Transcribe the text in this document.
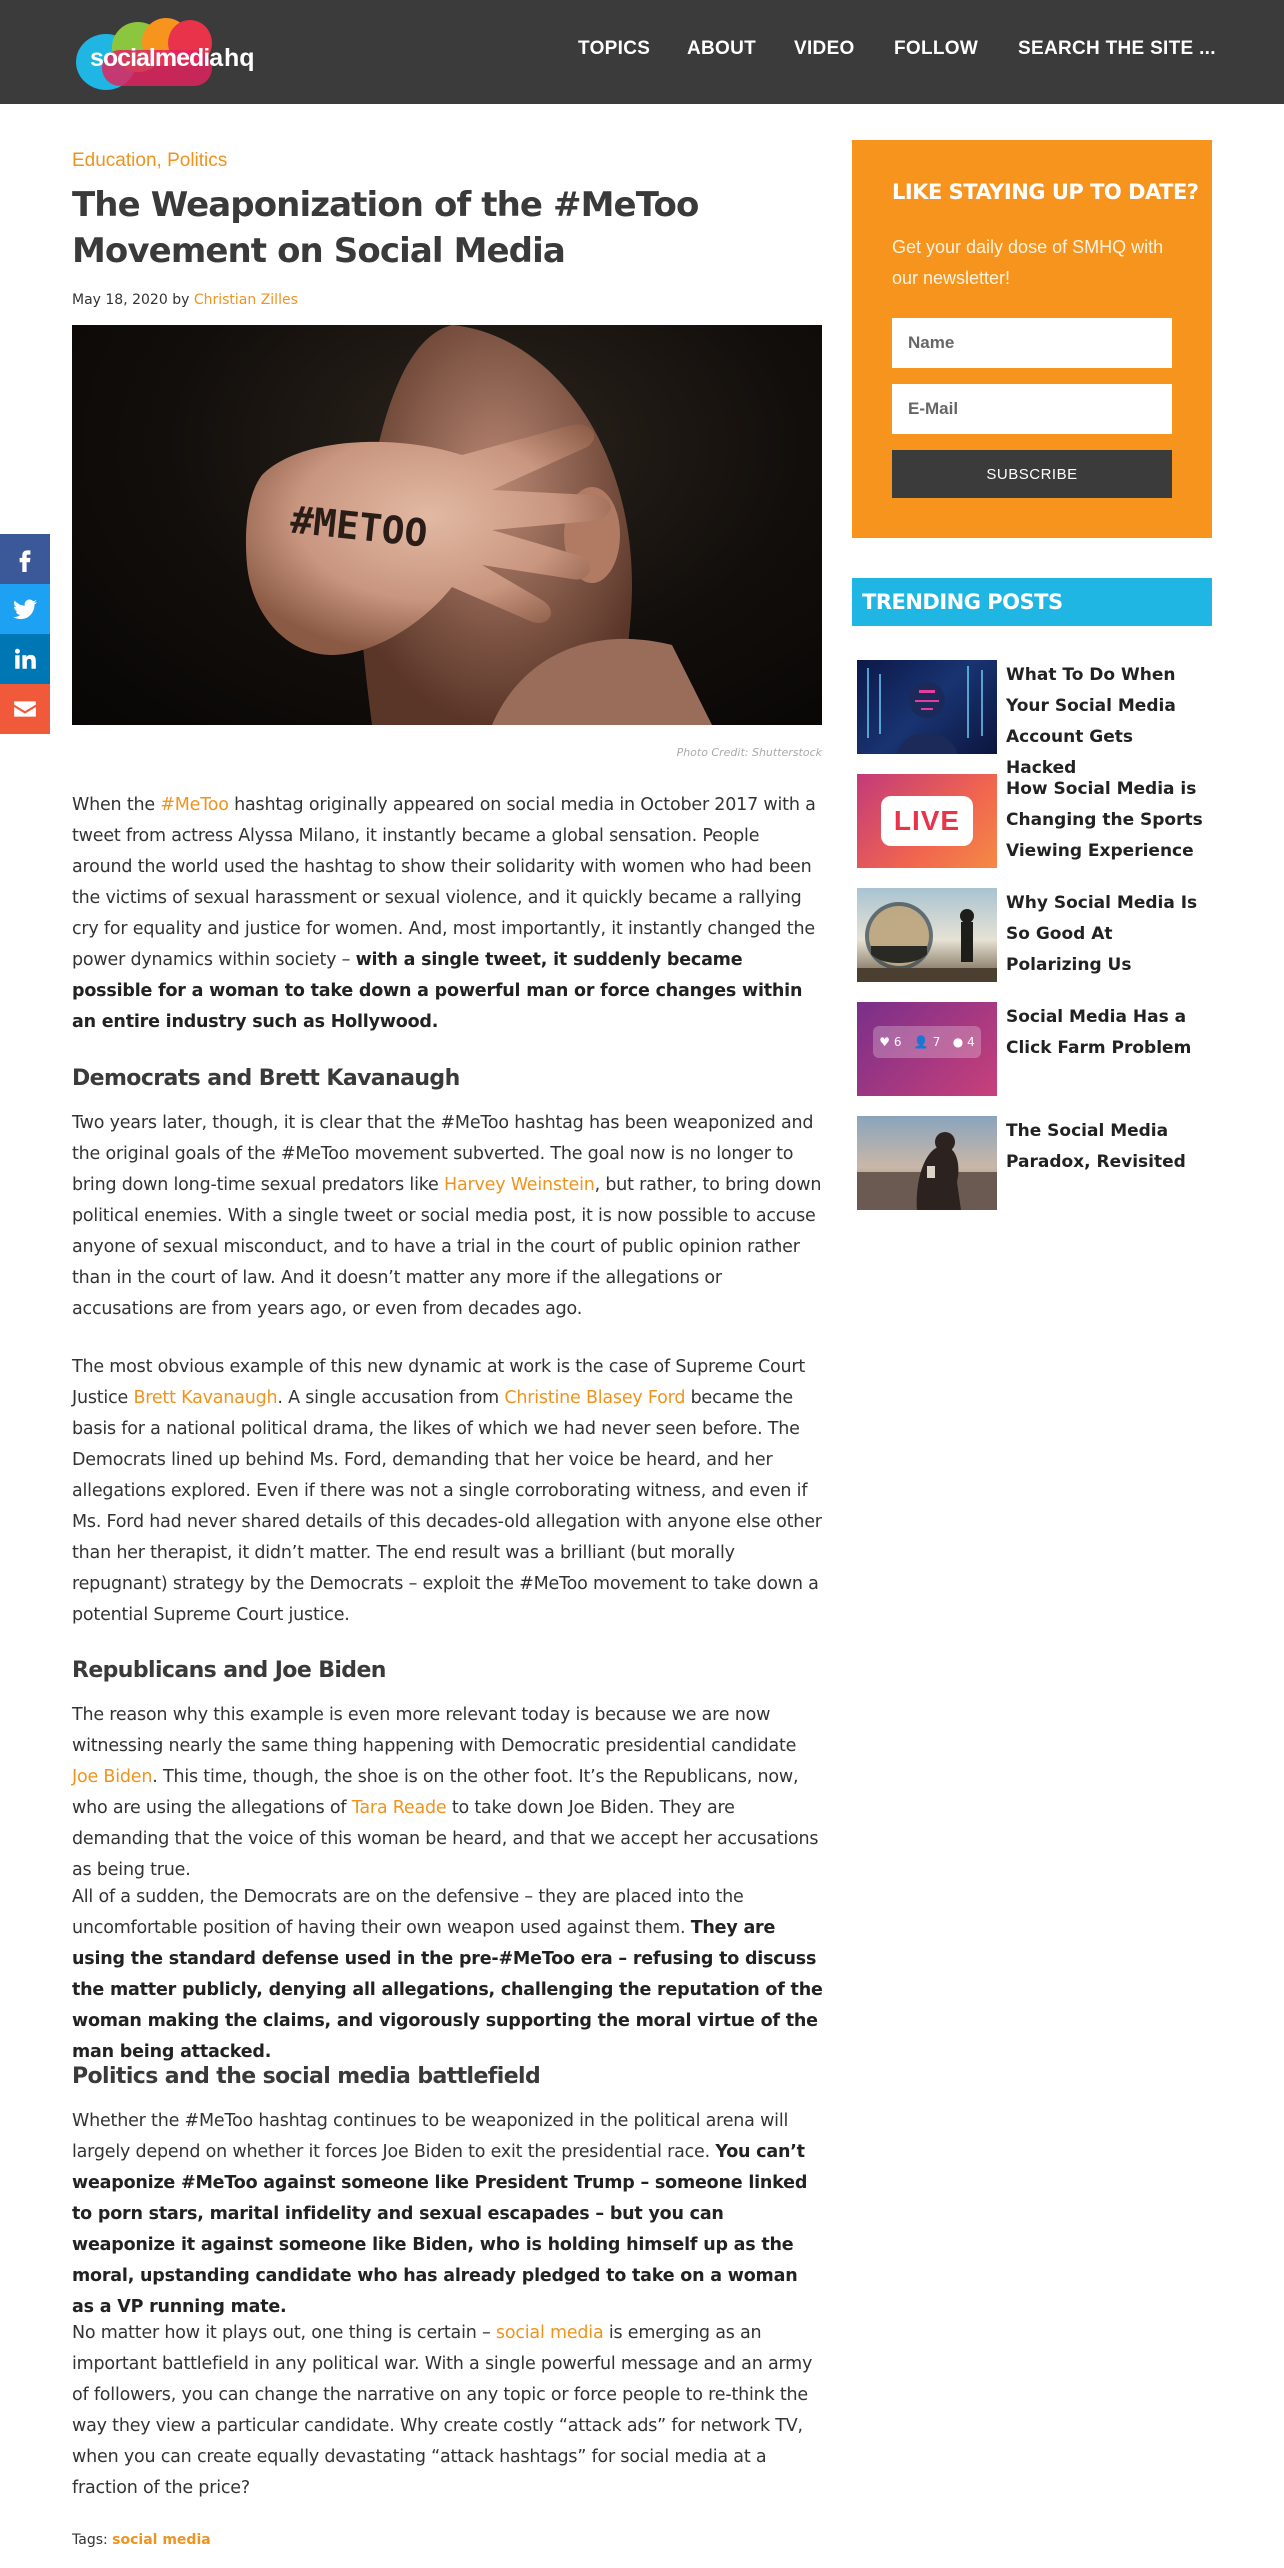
socialmedia hq	TOPICS ABOUT VIDEO FOLLOW SEARCH THE SITE ...
Education, Politics
The Weaponization of the #MeToo Movement on Social Media
May 18, 2020 by Christian Zilles
#METOO
Photo Credit: Shutterstock

When the #MeToo hashtag originally appeared on social media in October 2017 with a tweet from actress Alyssa Milano, it instantly became a global sensation. People around the world used the hashtag to show their solidarity with women who had been the victims of sexual harassment or sexual violence, and it quickly became a rallying cry for equality and justice for women. And, most importantly, it instantly changed the power dynamics within society – with a single tweet, it suddenly became possible for a woman to take down a powerful man or force changes within an entire industry such as Hollywood.

Democrats and Brett Kavanaugh

Two years later, though, it is clear that the #MeToo hashtag has been weaponized and the original goals of the #MeToo movement subverted. The goal now is no longer to bring down long-time sexual predators like Harvey Weinstein, but rather, to bring down political enemies. With a single tweet or social media post, it is now possible to accuse anyone of sexual misconduct, and to have a trial in the court of public opinion rather than in the court of law. And it doesn’t matter any more if the allegations or accusations are from years ago, or even from decades ago.

The most obvious example of this new dynamic at work is the case of Supreme Court Justice Brett Kavanaugh. A single accusation from Christine Blasey Ford became the basis for a national political drama, the likes of which we had never seen before. The Democrats lined up behind Ms. Ford, demanding that her voice be heard, and her allegations explored. Even if there was not a single corroborating witness, and even if Ms. Ford had never shared details of this decades-old allegation with anyone else other than her therapist, it didn’t matter. The end result was a brilliant (but morally repugnant) strategy by the Democrats – exploit the #MeToo movement to take down a potential Supreme Court justice.

Republicans and Joe Biden

The reason why this example is even more relevant today is because we are now witnessing nearly the same thing happening with Democratic presidential candidate Joe Biden. This time, though, the shoe is on the other foot. It’s the Republicans, now, who are using the allegations of Tara Reade to take down Joe Biden. They are demanding that the voice of this woman be heard, and that we accept her accusations as being true.

All of a sudden, the Democrats are on the defensive – they are placed into the uncomfortable position of having their own weapon used against them. They are using the standard defense used in the pre-#MeToo era – refusing to discuss the matter publicly, denying all allegations, challenging the reputation of the woman making the claims, and vigorously supporting the moral virtue of the man being attacked.

Politics and the social media battlefield

Whether the #MeToo hashtag continues to be weaponized in the political arena will largely depend on whether it forces Joe Biden to exit the presidential race. You can’t weaponize #MeToo against someone like President Trump – someone linked to porn stars, marital infidelity and sexual escapades – but you can weaponize it against someone like Biden, who is holding himself up as the moral, upstanding candidate who has already pledged to take on a woman as a VP running mate.

No matter how it plays out, one thing is certain – social media is emerging as an important battlefield in any political war. With a single powerful message and an army of followers, you can change the narrative on any topic or force people to re-think the way they view a particular candidate. Why create costly “attack ads” for network TV, when you can create equally devastating “attack hashtags” for social media at a fraction of the price?

Tags: social media
LIKE STAYING UP TO DATE?
Get your daily dose of SMHQ with our newsletter!
Name
E-Mail
SUBSCRIBE
TRENDING POSTS
What To Do When Your Social Media Account Gets Hacked
LIVE
How Social Media is Changing the Sports Viewing Experience
Why Social Media Is So Good At Polarizing Us
♥ 6 👤 7 ● 4
Social Media Has a Click Farm Problem
The Social Media Paradox, Revisited
